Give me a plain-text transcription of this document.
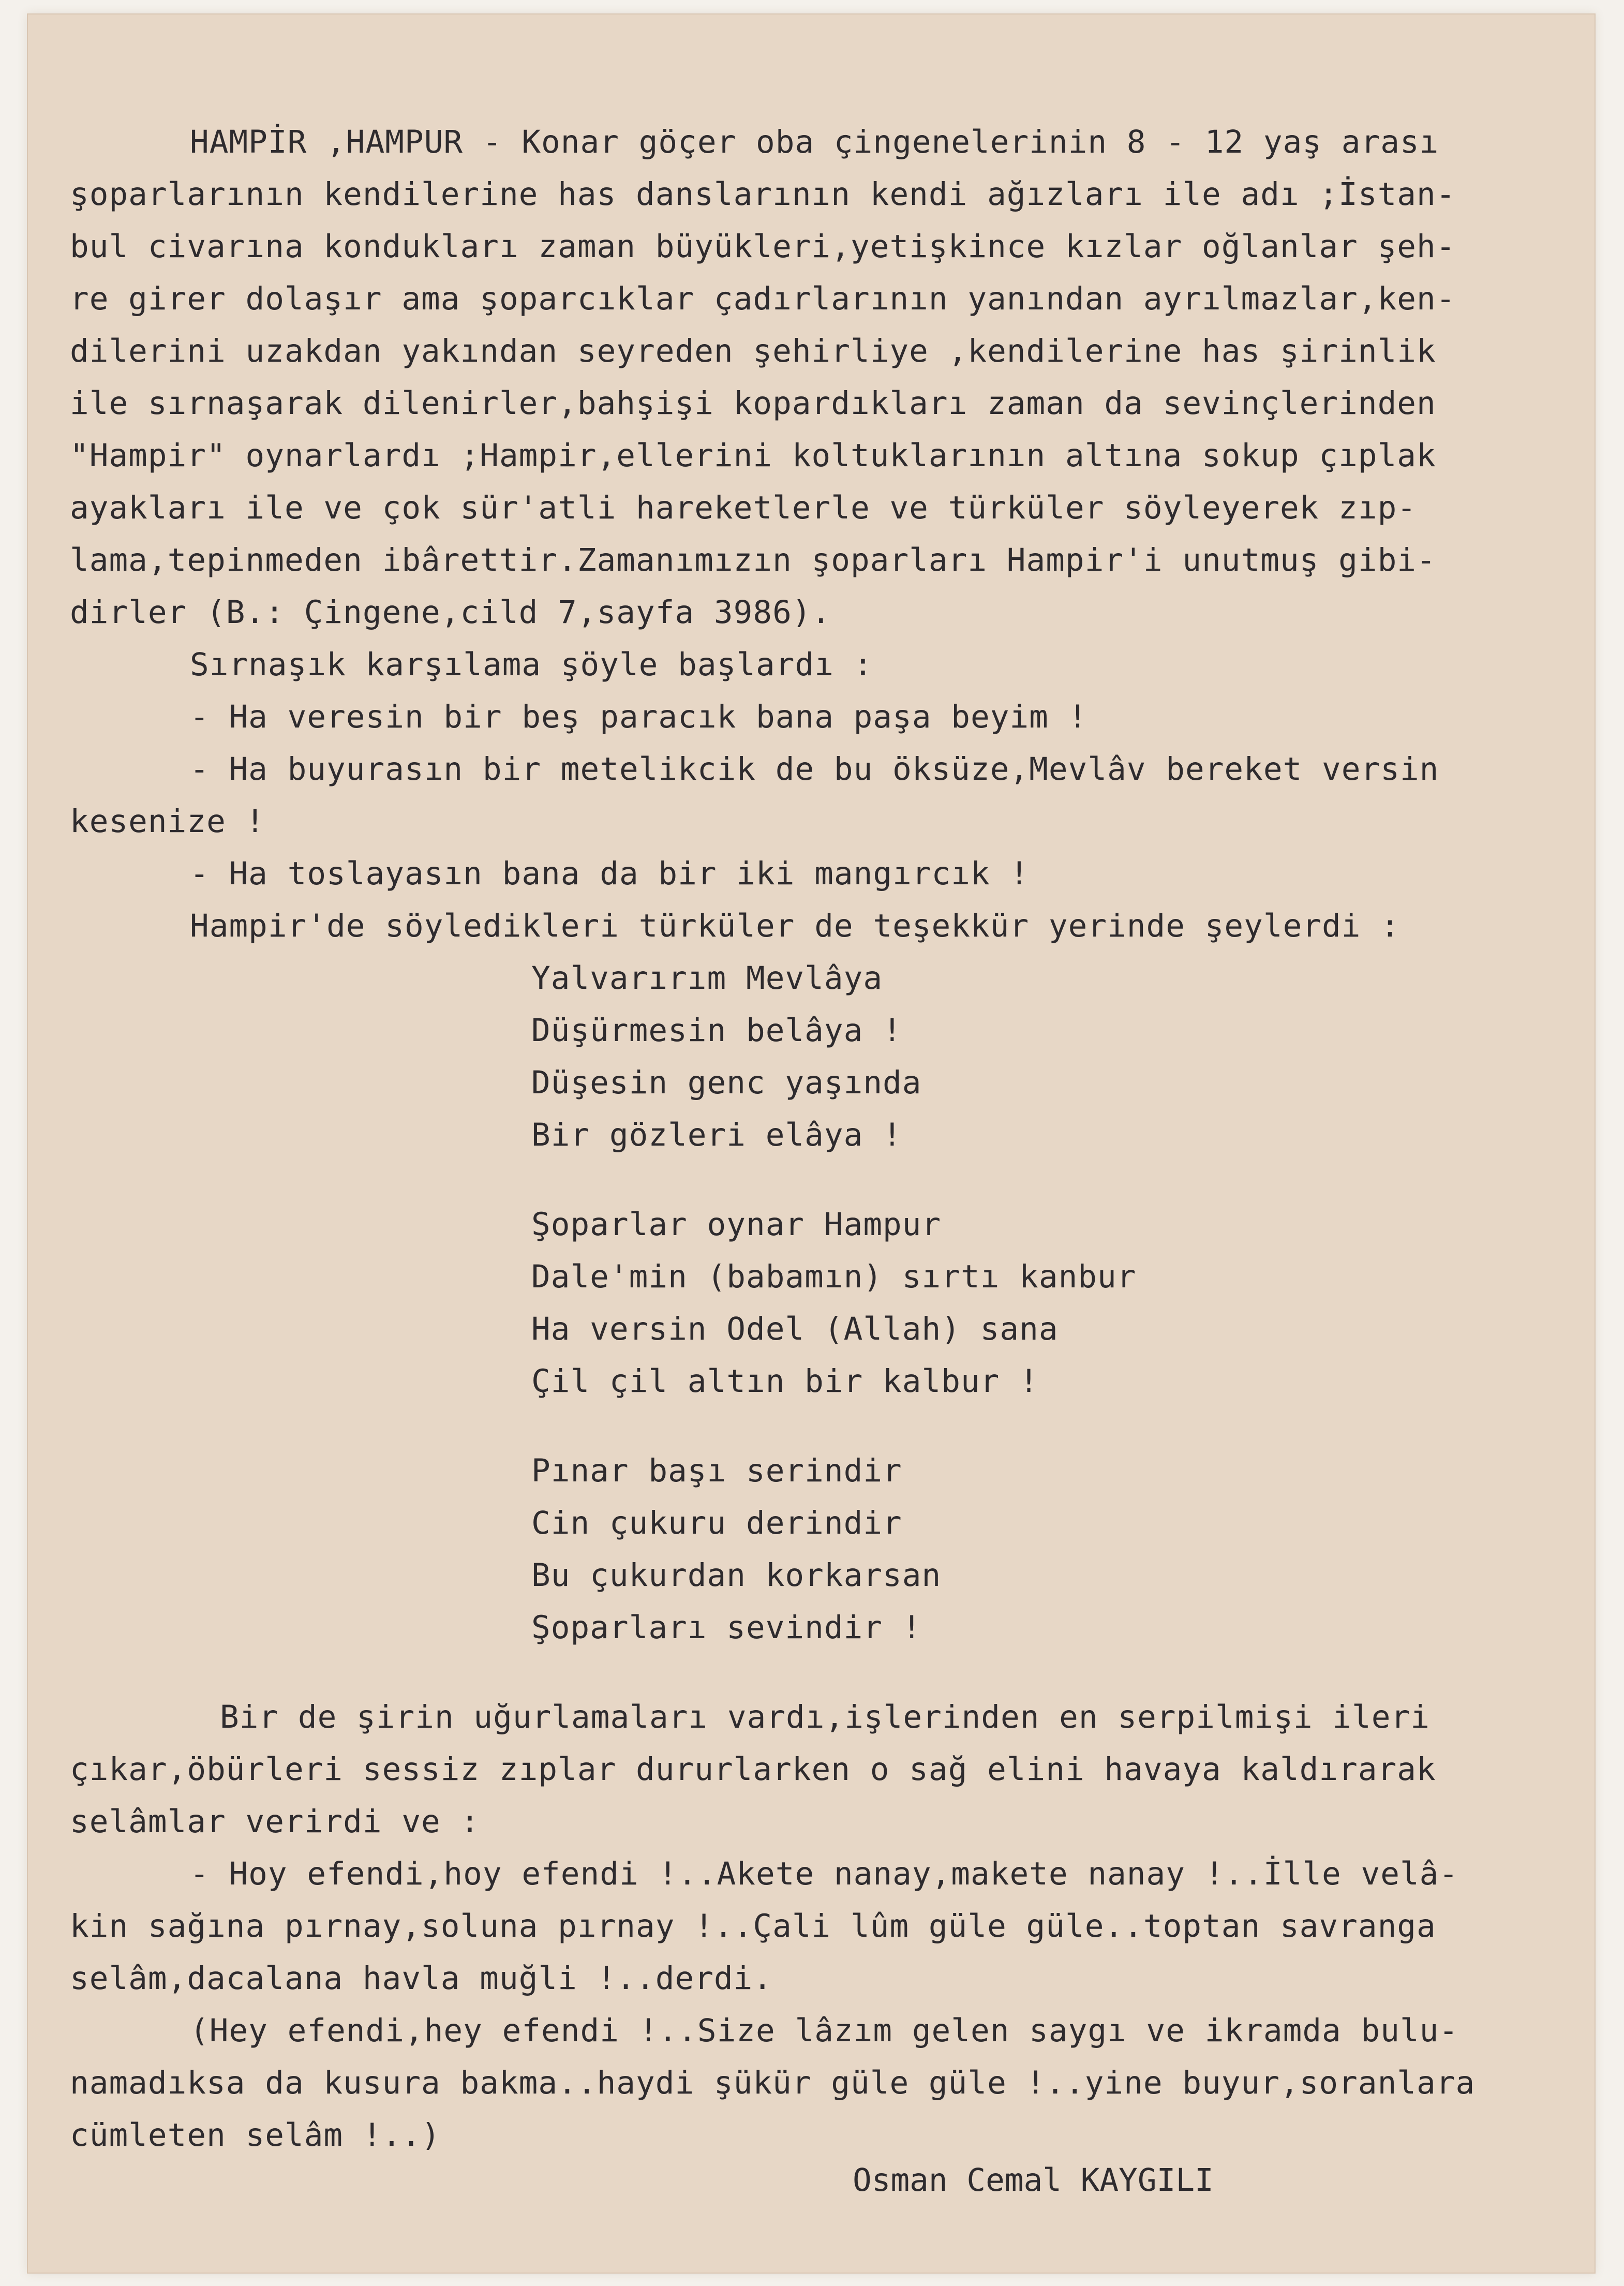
HAMPİR ,HAMPUR - Konar göçer oba çingenelerinin 8 - 12 yaş arası
şoparlarının kendilerine has danslarının kendi ağızları ile adı ;İstan-
bul civarına kondukları zaman büyükleri,yetişkince kızlar oğlanlar şeh-
re girer dolaşır ama şoparcıklar çadırlarının yanından ayrılmazlar,ken-
dilerini uzakdan yakından seyreden şehirliye ,kendilerine has şirinlik
ile sırnaşarak dilenirler,bahşişi kopardıkları zaman da sevinçlerinden
"Hampir" oynarlardı ;Hampir,ellerini koltuklarının altına sokup çıplak
ayakları ile ve çok sür'atli hareketlerle ve türküler söyleyerek zıp-
lama,tepinmeden ibârettir.Zamanımızın şoparları Hampir'i unutmuş gibi-
dirler (B.: Çingene,cild 7,sayfa 3986).
Sırnaşık karşılama şöyle başlardı :
- Ha veresin bir beş paracık bana paşa beyim !
- Ha buyurasın bir metelikcik de bu öksüze,Mevlâv bereket versin
kesenize !
- Ha toslayasın bana da bir iki mangırcık !
Hampir'de söyledikleri türküler de teşekkür yerinde şeylerdi :
Yalvarırım Mevlâya
Düşürmesin belâya !
Düşesin genc yaşında
Bir gözleri elâya !
Şoparlar oynar Hampur
Dale'min (babamın) sırtı kanbur
Ha versin Odel (Allah) sana
Çil çil altın bir kalbur !
Pınar başı serindir
Cin çukuru derindir
Bu çukurdan korkarsan
Şoparları sevindir !
Bir de şirin uğurlamaları vardı,işlerinden en serpilmişi ileri
çıkar,öbürleri sessiz zıplar dururlarken o sağ elini havaya kaldırarak
selâmlar verirdi ve :
- Hoy efendi,hoy efendi !..Akete nanay,makete nanay !..İlle velâ-
kin sağına pırnay,soluna pırnay !..Çali lûm güle güle..toptan savranga
selâm,dacalana havla muğli !..derdi.
(Hey efendi,hey efendi !..Size lâzım gelen saygı ve ikramda bulu-
namadıksa da kusura bakma..haydi şükür güle güle !..yine buyur,soranlara
cümleten selâm !..)
Osman Cemal KAYGILI
